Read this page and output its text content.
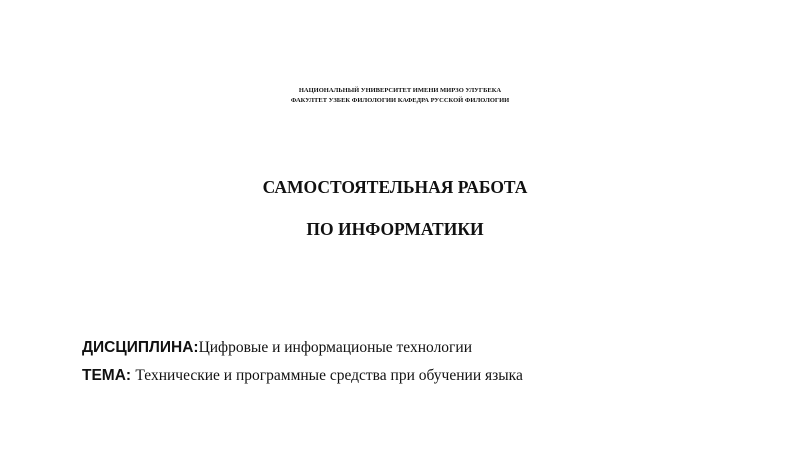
НАЦИОНАЛЬНЫЙ УНИВЕРСИТЕТ ИМЕНИ МИРЗО УЛУГБЕКА
ФАКУЛТЕТ УЗБЕК ФИЛОЛОГИИ КАФЕДРА РУССКОЙ ФИЛОЛОГИИ
САМОСТОЯТЕЛЬНАЯ РАБОТА
ПО ИНФОРМАТИКИ
ДИСЦИПЛИНА:Цифровые и информационые технологии
ТЕМА: Технические и программные средства при обучении языка
